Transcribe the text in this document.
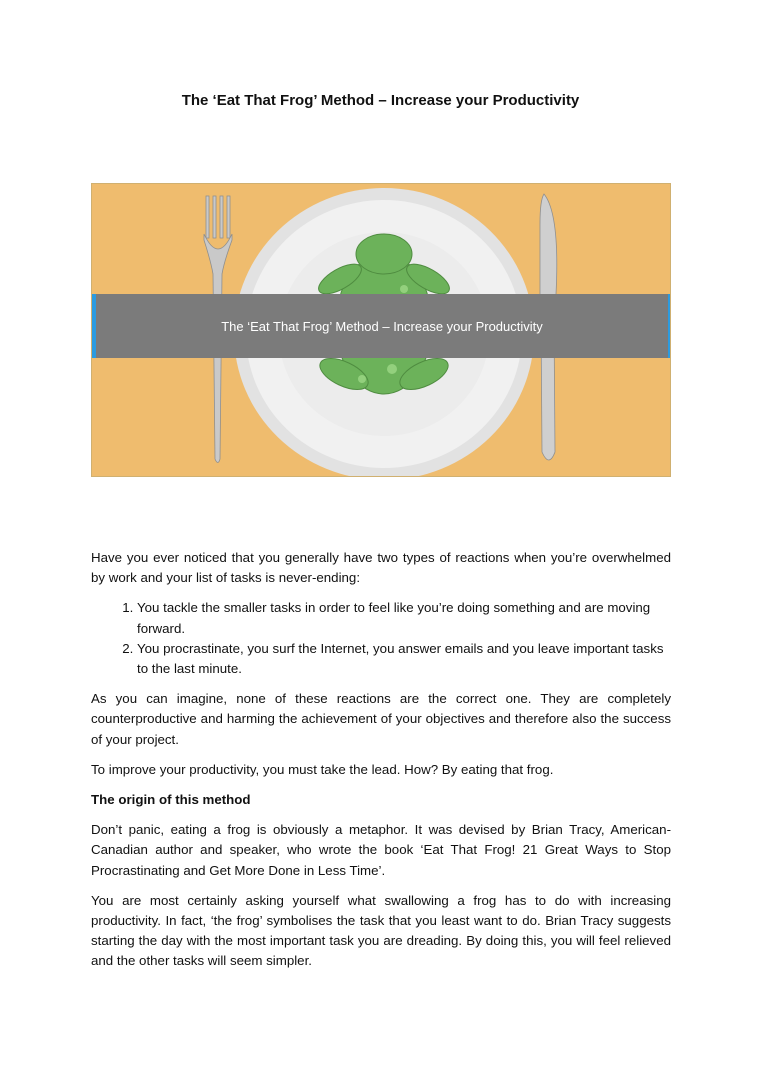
The ‘Eat That Frog’ Method – Increase your Productivity
The ‘Eat That Frog’ Method – Increase your Productivity

Have you ever noticed that you generally have two types of reactions when you’re overwhelmed by work and your list of tasks is never-ending:

1. You tackle the smaller tasks in order to feel like you’re doing something and are moving forward.
2. You procrastinate, you surf the Internet, you answer emails and you leave important tasks to the last minute.

As you can imagine, none of these reactions are the correct one. They are completely counterproductive and harming the achievement of your objectives and therefore also the success of your project.

To improve your productivity, you must take the lead. How? By eating that frog.

The origin of this method

Don’t panic, eating a frog is obviously a metaphor. It was devised by Brian Tracy, American-Canadian author and speaker, who wrote the book ‘Eat That Frog! 21 Great Ways to Stop Procrastinating and Get More Done in Less Time’.

You are most certainly asking yourself what swallowing a frog has to do with increasing productivity. In fact, ‘the frog’ symbolises the task that you least want to do. Brian Tracy suggests starting the day with the most important task you are dreading. By doing this, you will feel relieved and the other tasks will seem simpler.
